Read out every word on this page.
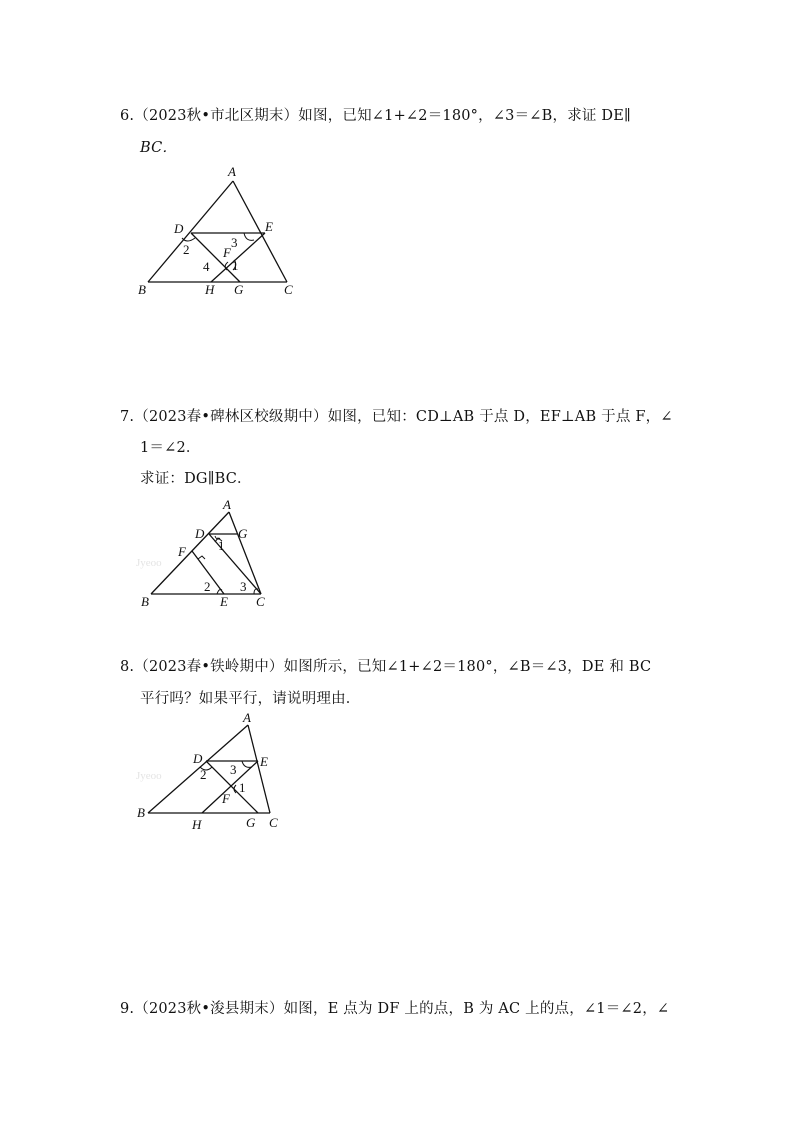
6.（2023秋•市北区期末）如图，已知∠1+∠2＝180°，∠3＝∠B，求证 DE∥
BC．
A
B	C
D	E
F
G
H
1
2	3
4
7.（2023春•碑林区校级期中）如图，已知：CD⊥AB 于点 D，EF⊥AB 于点 F，∠
1＝∠2．
求证：DG∥BC．
Jyeoo
A
B	C
D
E
F
G
1
2 3
8.（2023春•铁岭期中）如图所示，已知∠1+∠2＝180°，∠B＝∠3，DE 和 BC
平行吗？如果平行，请说明理由．
Jyeoo
A
B
C
D	E
F
G
H
1
2 3
9.（2023秋•浚县期末）如图，E 点为 DF 上的点，B 为 AC 上的点，∠1＝∠2，∠
